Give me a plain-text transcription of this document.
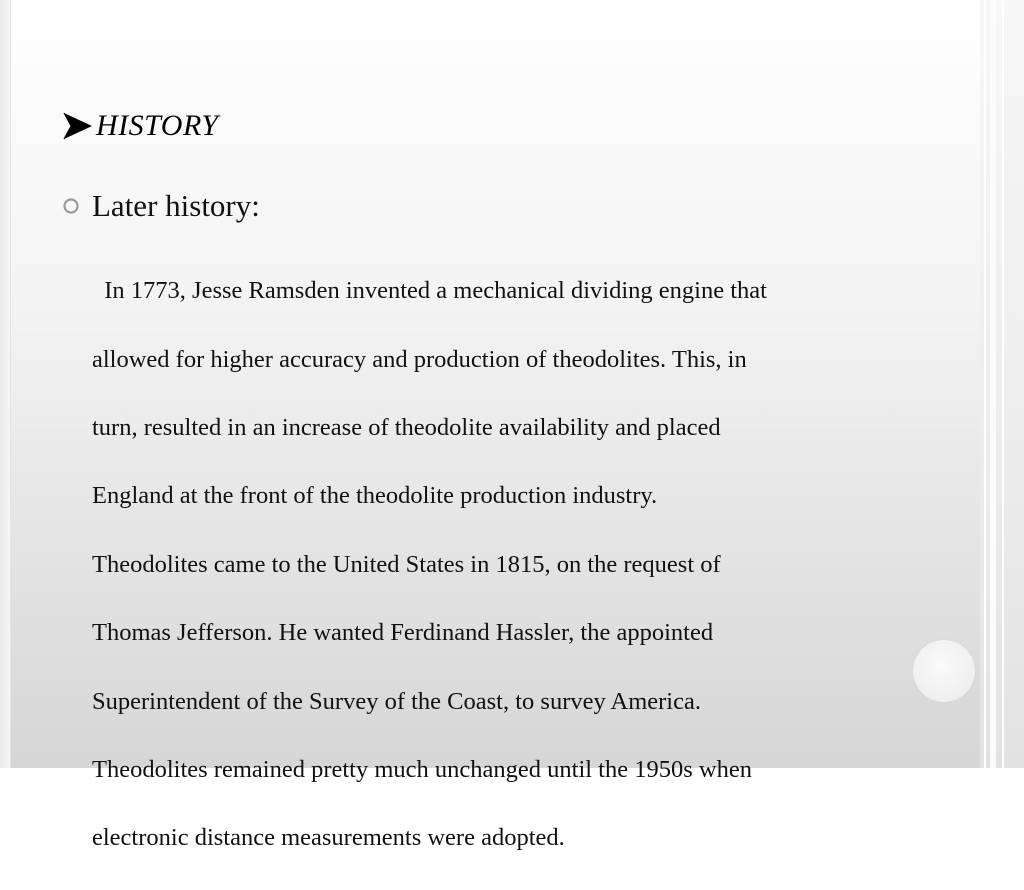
HISTORY
Later history:

In 1773, Jesse Ramsden invented a mechanical dividing engine that

allowed for higher accuracy and production of theodolites. This, in

turn, resulted in an increase of theodolite availability and placed

England at the front of the theodolite production industry.

Theodolites came to the United States in 1815, on the request of

Thomas Jefferson. He wanted Ferdinand Hassler, the appointed

Superintendent of the Survey of the Coast, to survey America.

Theodolites remained pretty much unchanged until the 1950s when

electronic distance measurements were adopted.
